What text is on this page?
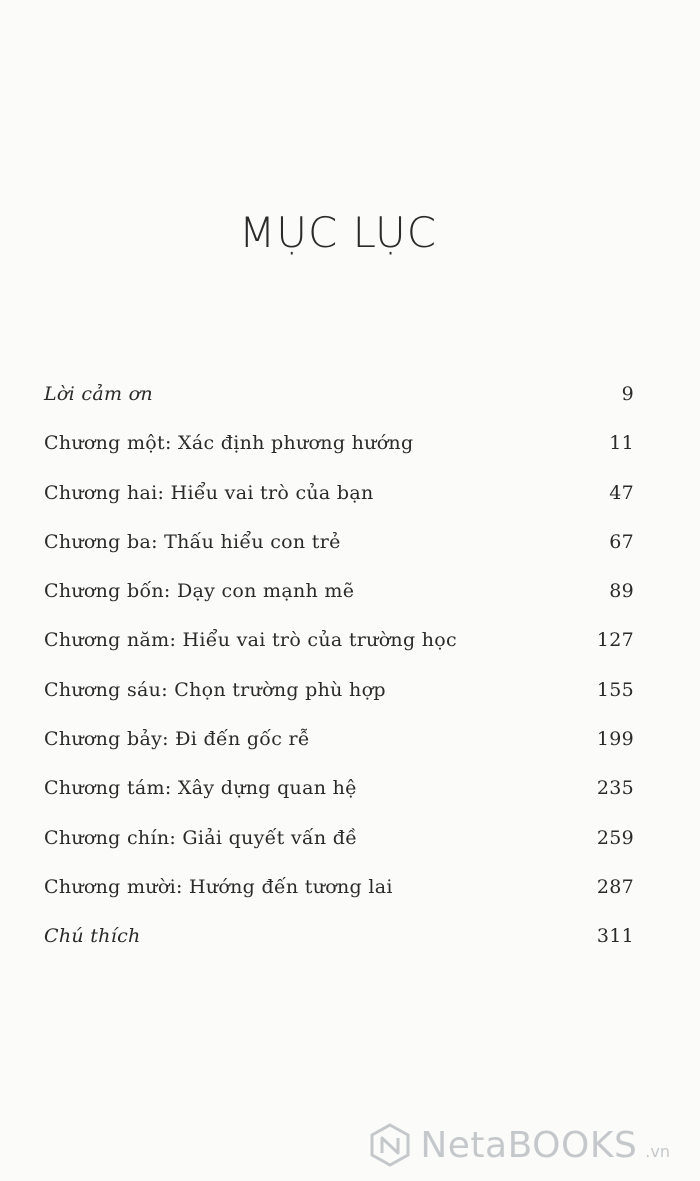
MỤC LỤC
Lời cảm ơn	9
Chương một: Xác định phương hướng	11
Chương hai: Hiểu vai trò của bạn	47
Chương ba: Thấu hiểu con trẻ	67
Chương bốn: Dạy con mạnh mẽ	89
Chương năm: Hiểu vai trò của trường học	127
Chương sáu: Chọn trường phù hợp	155
Chương bảy: Đi đến gốc rễ	199
Chương tám: Xây dựng quan hệ	235
Chương chín: Giải quyết vấn đề	259
Chương mười: Hướng đến tương lai	287
Chú thích	311
NetaBOOKS .vn
